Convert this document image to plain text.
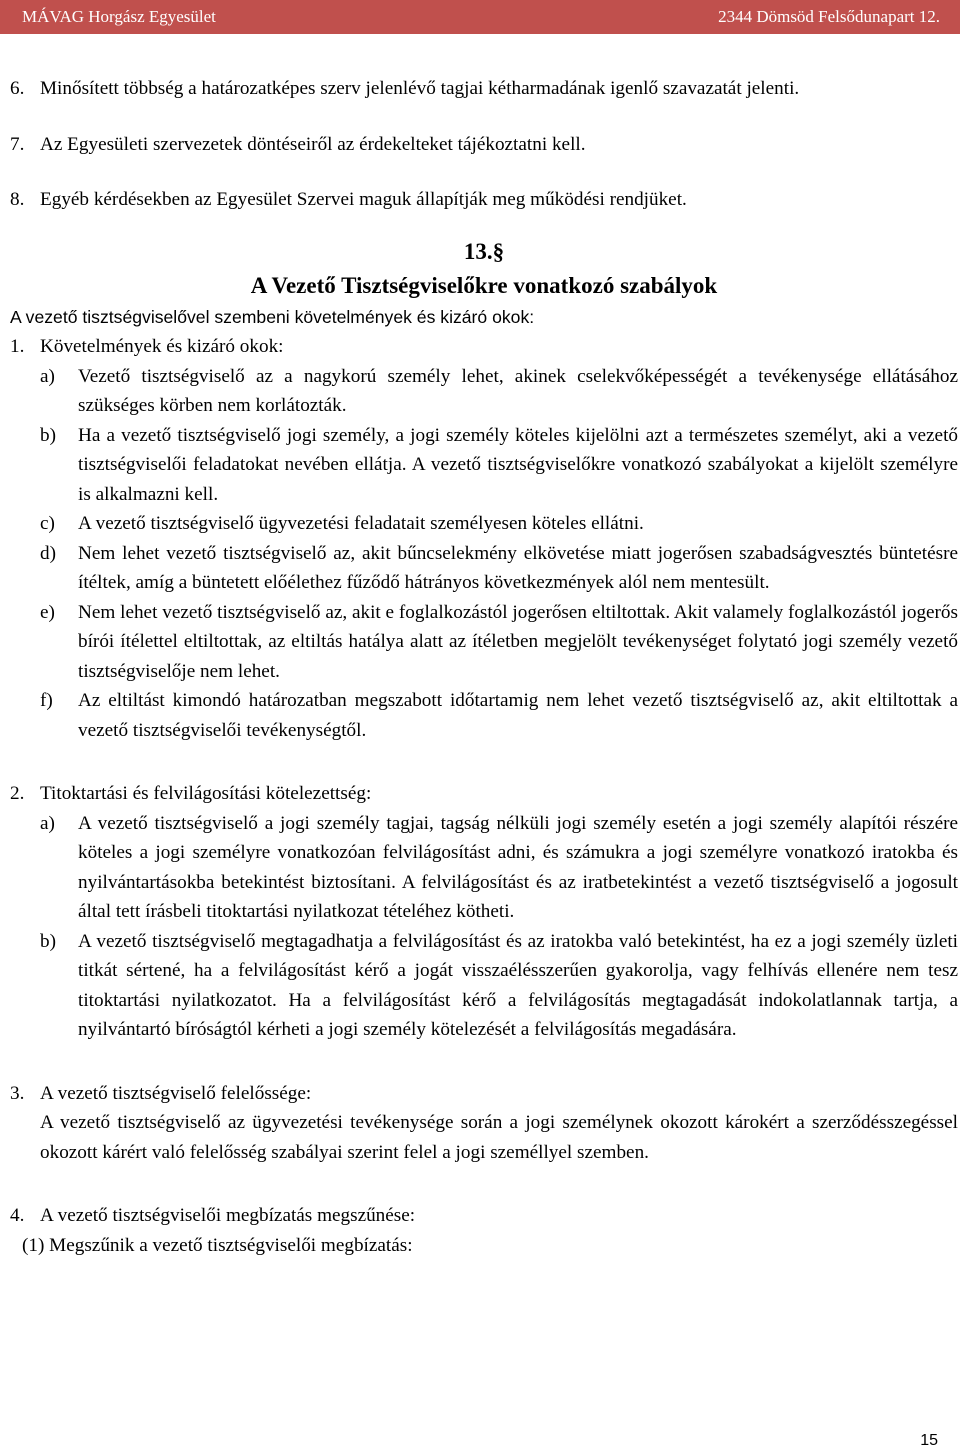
MÁVAG Horgász Egyesület	2344 Dömsöd Felsődunapart 12.
6. Minősített többség a határozatképes szerv jelenlévő tagjai kétharmadának igenlő szavazatát jelenti.
7. Az Egyesületi szervezetek döntéseiről az érdekelteket tájékoztatni kell.
8. Egyéb kérdésekben az Egyesület Szervei maguk állapítják meg működési rendjüket.
13.§
A Vezető Tisztségviselőkre vonatkozó szabályok
A vezető tisztségviselővel szembeni követelmények és kizáró okok:
1. Követelmények és kizáró okok:
a) Vezető tisztségviselő az a nagykorú személy lehet, akinek cselekvőképességét a tevékenysége ellátásához szükséges körben nem korlátozták.
b) Ha a vezető tisztségviselő jogi személy, a jogi személy köteles kijelölni azt a természetes személyt, aki a vezető tisztségviselői feladatokat nevében ellátja. A vezető tisztségviselőkre vonatkozó szabályokat a kijelölt személyre is alkalmazni kell.
c) A vezető tisztségviselő ügyvezetési feladatait személyesen köteles ellátni.
d) Nem lehet vezető tisztségviselő az, akit bűncselekmény elkövetése miatt jogerősen szabadságvesztés büntetésre ítéltek, amíg a büntetett előélethez fűződő hátrányos következmények alól nem mentesült.
e) Nem lehet vezető tisztségviselő az, akit e foglalkozástól jogerősen eltiltottak. Akit valamely foglalkozástól jogerős bírói ítélettel eltiltottak, az eltiltás hatálya alatt az ítéletben megjelölt tevékenységet folytató jogi személy vezető tisztségviselője nem lehet.
f) Az eltiltást kimondó határozatban megszabott időtartamig nem lehet vezető tisztségviselő az, akit eltiltottak a vezető tisztségviselői tevékenységtől.
2. Titoktartási és felvilágosítási kötelezettség:
a) A vezető tisztségviselő a jogi személy tagjai, tagság nélküli jogi személy esetén a jogi személy alapítói részére köteles a jogi személyre vonatkozóan felvilágosítást adni, és számukra a jogi személyre vonatkozó iratokba és nyilvántartásokba betekintést biztosítani. A felvilágosítást és az iratbetekintést a vezető tisztségviselő a jogosult által tett írásbeli titoktartási nyilatkozat tételéhez kötheti.
b) A vezető tisztségviselő megtagadhatja a felvilágosítást és az iratokba való betekintést, ha ez a jogi személy üzleti titkát sértené, ha a felvilágosítást kérő a jogát visszaélésszerűen gyakorolja, vagy felhívás ellenére nem tesz titoktartási nyilatkozatot. Ha a felvilágosítást kérő a felvilágosítás megtagadását indokolatlannak tartja, a nyilvántartó bíróságtól kérheti a jogi személy kötelezését a felvilágosítás megadására.
3. A vezető tisztségviselő felelőssége:
A vezető tisztségviselő az ügyvezetési tevékenysége során a jogi személynek okozott károkért a szerződésszegéssel okozott kárért való felelősség szabályai szerint felel a jogi személlyel szemben.
4. A vezető tisztségviselői megbízatás megszűnése:
(1) Megszűnik a vezető tisztségviselői megbízatás:
15
